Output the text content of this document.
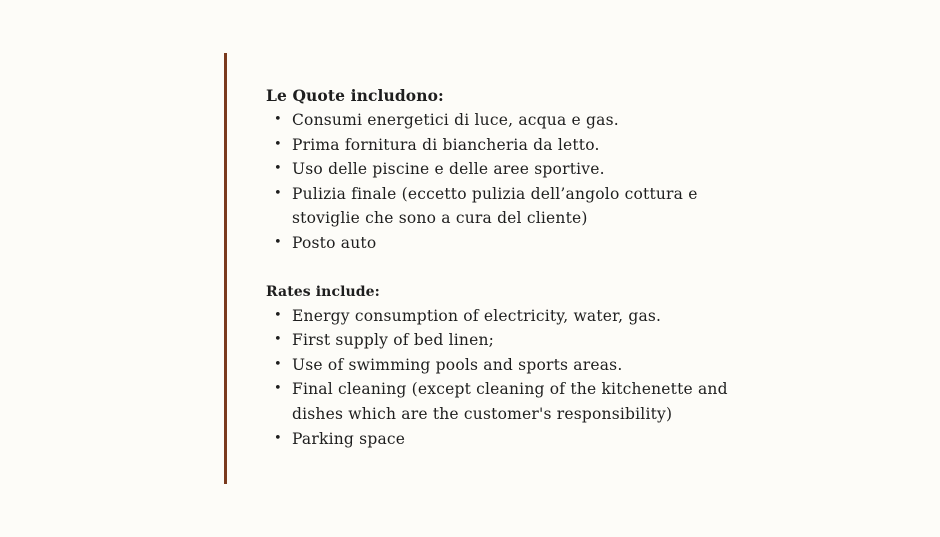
Le Quote includono:
• Consumi energetici di luce, acqua e gas.
• Prima fornitura di biancheria da letto.
• Uso delle piscine e delle aree sportive.
• Pulizia finale (eccetto pulizia dell’angolo cottura e stoviglie che sono a cura del cliente)
• Posto auto
Rates include:
• Energy consumption of electricity, water, gas.
• First supply of bed linen;
• Use of swimming pools and sports areas.
• Final cleaning (except cleaning of the kitchenette and dishes which are the customer's responsibility)
• Parking space
